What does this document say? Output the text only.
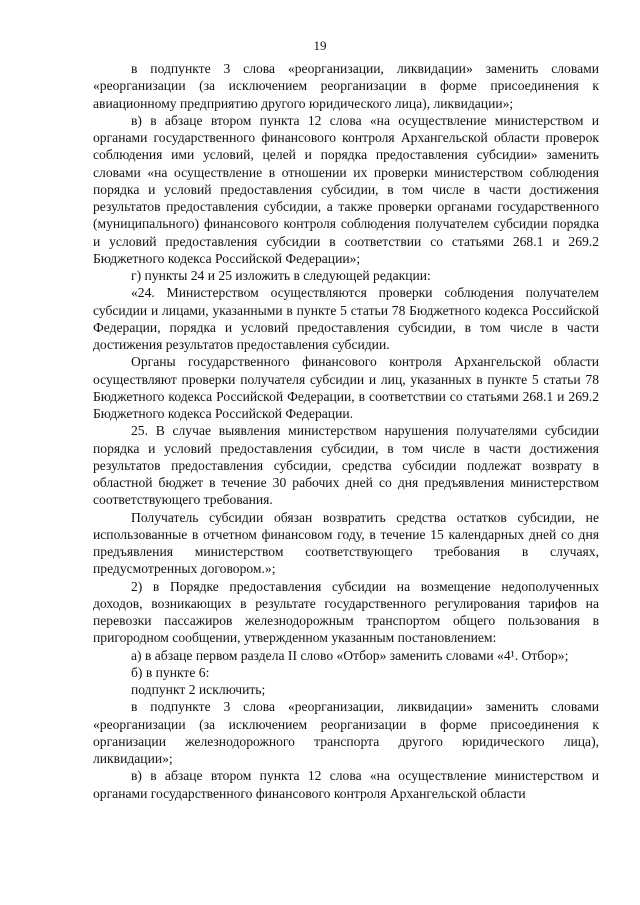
19

в подпункте 3 слова «реорганизации, ликвидации» заменить словами «реорганизации (за исключением реорганизации в форме присоединения к авиационному предприятию другого юридического лица), ликвидации»;

в) в абзаце втором пункта 12 слова «на осуществление министерством и органами государственного финансового контроля Архангельской области проверок соблюдения ими условий, целей и порядка предоставления субсидии» заменить словами «на осуществление в отношении их проверки министерством соблюдения порядка и условий предоставления субсидии, в том числе в части достижения результатов предоставления субсидии, а также проверки органами государственного (муниципального) финансового контроля соблюдения получателем субсидии порядка и условий предоставления субсидии в соответствии со статьями 268.1 и 269.2 Бюджетного кодекса Российской Федерации»;

г) пункты 24 и 25 изложить в следующей редакции:

«24. Министерством осуществляются проверки соблюдения получателем субсидии и лицами, указанными в пункте 5 статьи 78 Бюджетного кодекса Российской Федерации, порядка и условий предоставления субсидии, в том числе в части достижения результатов предоставления субсидии.

Органы государственного финансового контроля Архангельской области осуществляют проверки получателя субсидии и лиц, указанных в пункте 5 статьи 78 Бюджетного кодекса Российской Федерации, в соответствии со статьями 268.1 и 269.2 Бюджетного кодекса Российской Федерации.

25. В случае выявления министерством нарушения получателями субсидии порядка и условий предоставления субсидии, в том числе в части достижения результатов предоставления субсидии, средства субсидии подлежат возврату в областной бюджет в течение 30 рабочих дней со дня предъявления министерством соответствующего требования.

Получатель субсидии обязан возвратить средства остатков субсидии, не использованные в отчетном финансовом году, в течение 15 календарных дней со дня предъявления министерством соответствующего требования в случаях, предусмотренных договором.»;

2) в Порядке предоставления субсидии на возмещение недополученных доходов, возникающих в результате государственного регулирования тарифов на перевозки пассажиров железнодорожным транспортом общего пользования в пригородном сообщении, утвержденном указанным постановлением:

а) в абзаце первом раздела II слово «Отбор» заменить словами «4¹. Отбор»;

б) в пункте 6:

подпункт 2 исключить;

в подпункте 3 слова «реорганизации, ликвидации» заменить словами «реорганизации (за исключением реорганизации в форме присоединения к организации железнодорожного транспорта другого юридического лица), ликвидации»;

в) в абзаце втором пункта 12 слова «на осуществление министерством и органами государственного финансового контроля Архангельской области
